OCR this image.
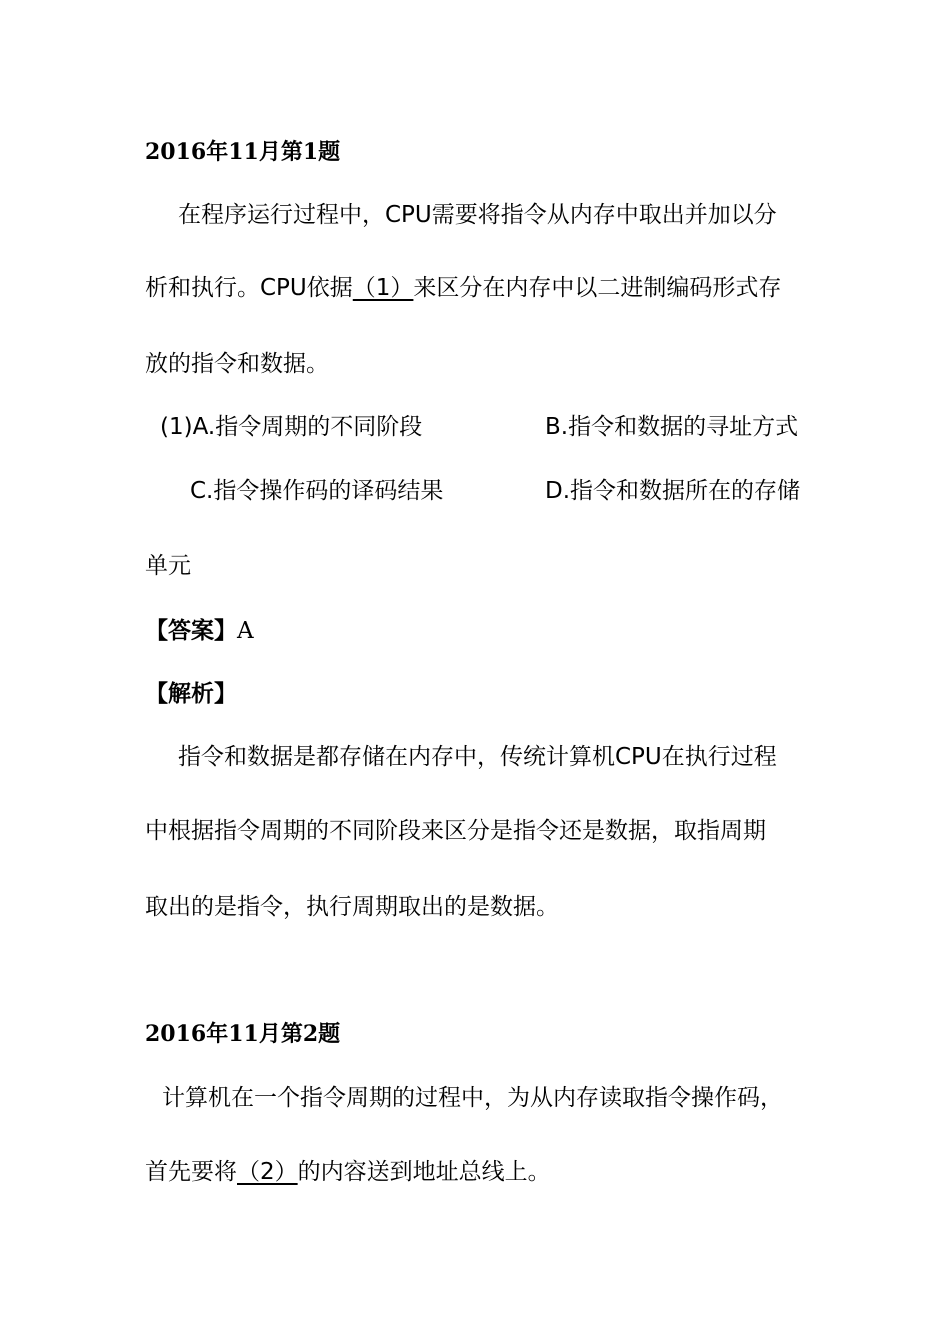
2016年11月第1题
在程序运行过程中，CPU需要将指令从内存中取出并加以分
析和执行。CPU依据（1）来区分在内存中以二进制编码形式存
放的指令和数据。
(1)A.指令周期的不同阶段	B.指令和数据的寻址方式
C.指令操作码的译码结果	D.指令和数据所在的存储
单元
【答案】A
【解析】
指令和数据是都存储在内存中，传统计算机CPU在执行过程
中根据指令周期的不同阶段来区分是指令还是数据，取指周期
取出的是指令，执行周期取出的是数据。
2016年11月第2题
计算机在一个指令周期的过程中，为从内存读取指令操作码，
首先要将（2）的内容送到地址总线上。
